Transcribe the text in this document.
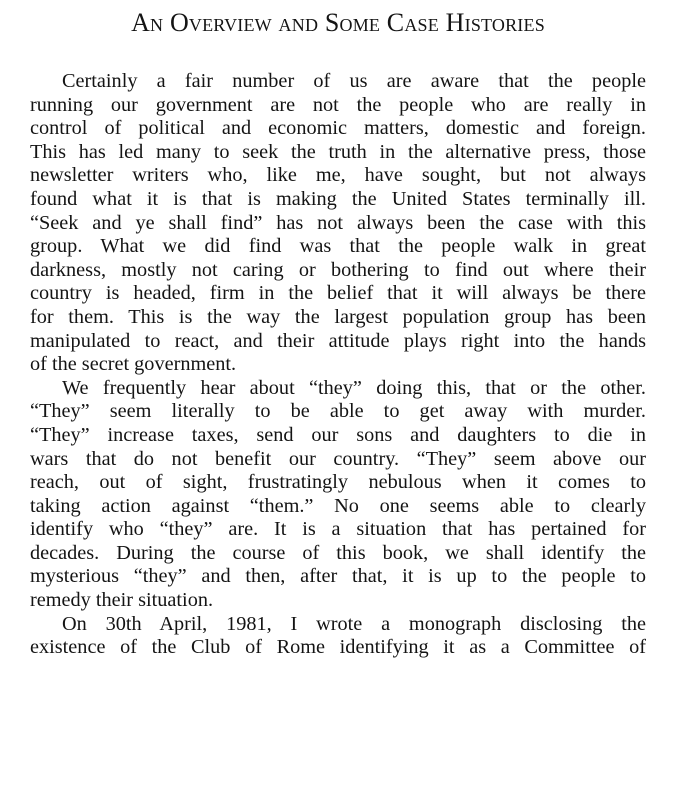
An Overview and Some Case Histories
Certainly a fair number of us are aware that the people
running our government are not the people who are really in
control of political and economic matters, domestic and foreign.
This has led many to seek the truth in the alternative press, those
newsletter writers who, like me, have sought, but not always
found what it is that is making the United States terminally ill.
“Seek and ye shall find” has not always been the case with this
group. What we did find was that the people walk in great
darkness, mostly not caring or bothering to find out where their
country is headed, firm in the belief that it will always be there
for them. This is the way the largest population group has been
manipulated to react, and their attitude plays right into the hands
of the secret government.
We frequently hear about “they” doing this, that or the other.
“They” seem literally to be able to get away with murder.
“They” increase taxes, send our sons and daughters to die in
wars that do not benefit our country. “They” seem above our
reach, out of sight, frustratingly nebulous when it comes to
taking action against “them.” No one seems able to clearly
identify who “they” are. It is a situation that has pertained for
decades. During the course of this book, we shall identify the
mysterious “they” and then, after that, it is up to the people to
remedy their situation.
On 30th April, 1981, I wrote a monograph disclosing the
existence of the Club of Rome identifying it as a Committee of
